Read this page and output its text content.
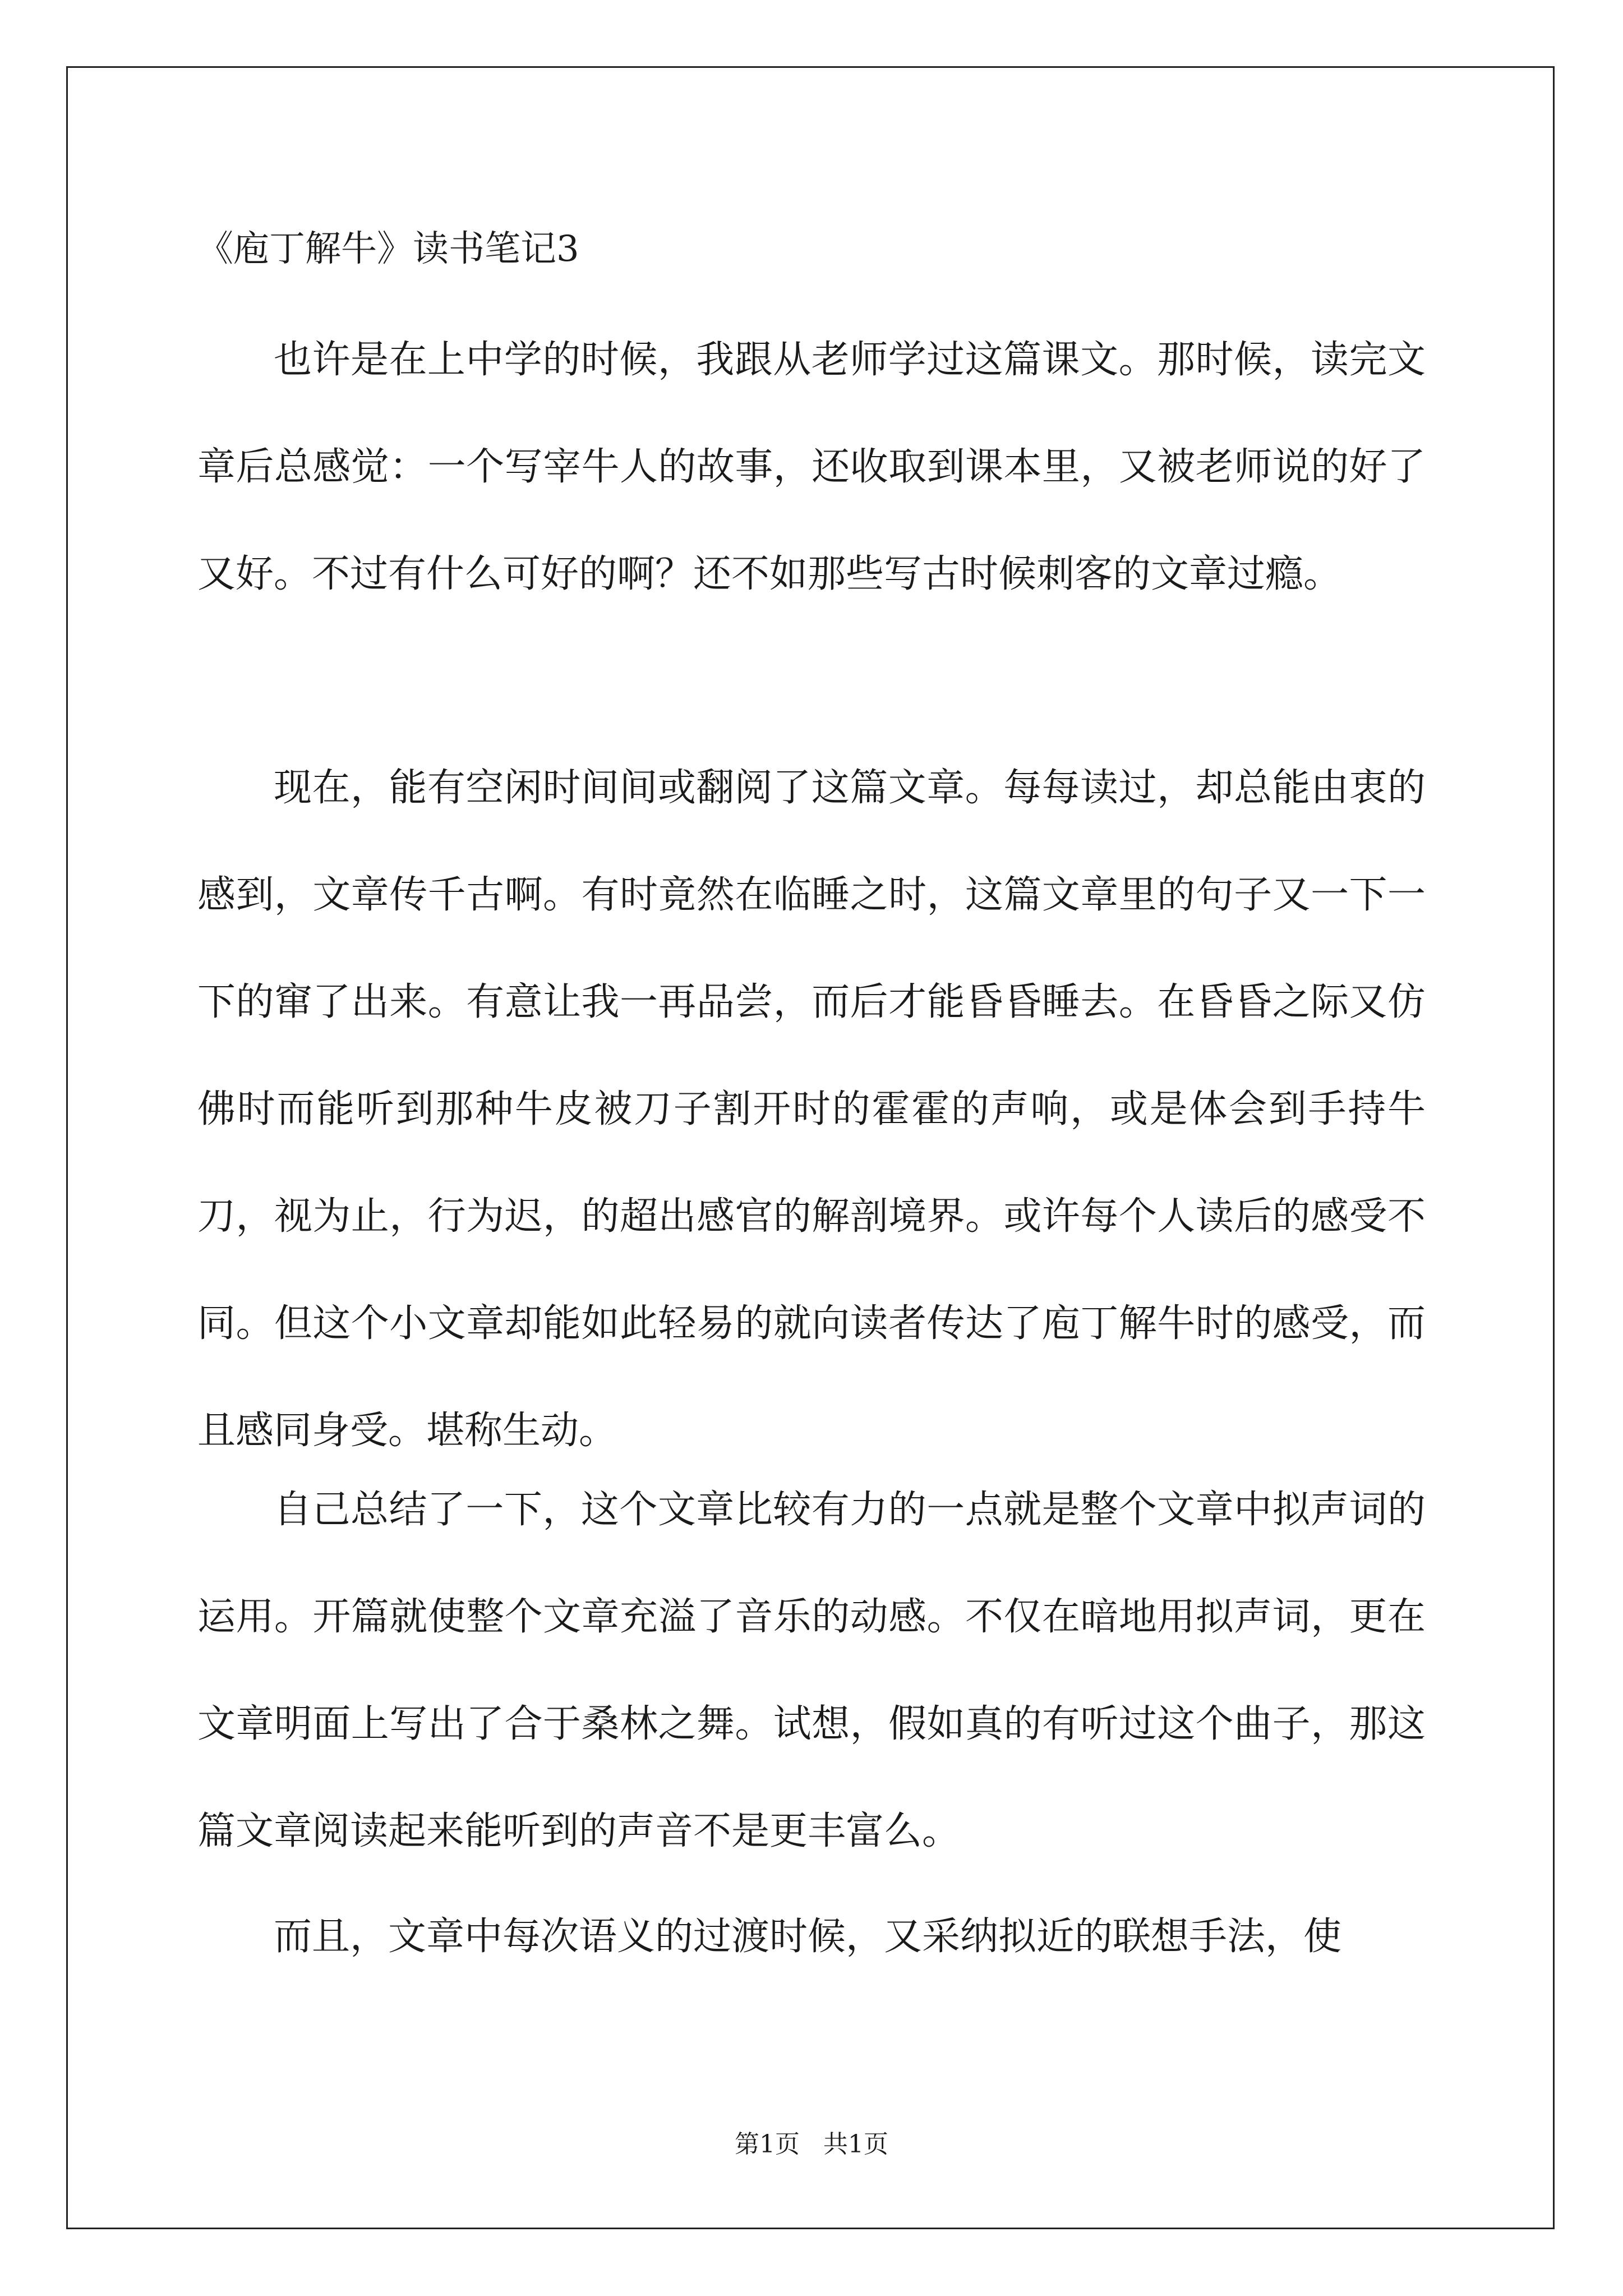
《庖丁解牛》读书笔记3

也许是在上中学的时候，我跟从老师学过这篇课文。那时候，读完文章后总感觉：一个写宰牛人的故事，还收取到课本里，又被老师说的好了又好。不过有什么可好的啊？还不如那些写古时候刺客的文章过瘾。

现在，能有空闲时间间或翻阅了这篇文章。每每读过，却总能由衷的感到，文章传千古啊。有时竟然在临睡之时，这篇文章里的句子又一下一下的窜了出来。有意让我一再品尝，而后才能昏昏睡去。在昏昏之际又仿佛时而能听到那种牛皮被刀子割开时的霍霍的声响，或是体会到手持牛刀，视为止，行为迟，的超出感官的解剖境界。或许每个人读后的感受不同。但这个小文章却能如此轻易的就向读者传达了庖丁解牛时的感受，而且感同身受。堪称生动。

自己总结了一下，这个文章比较有力的一点就是整个文章中拟声词的运用。开篇就使整个文章充溢了音乐的动感。不仅在暗地用拟声词，更在文章明面上写出了合于桑林之舞。试想，假如真的有听过这个曲子，那这篇文章阅读起来能听到的声音不是更丰富么。

而且，文章中每次语义的过渡时候，又采纳拟近的联想手法，使

第1页   共1页
